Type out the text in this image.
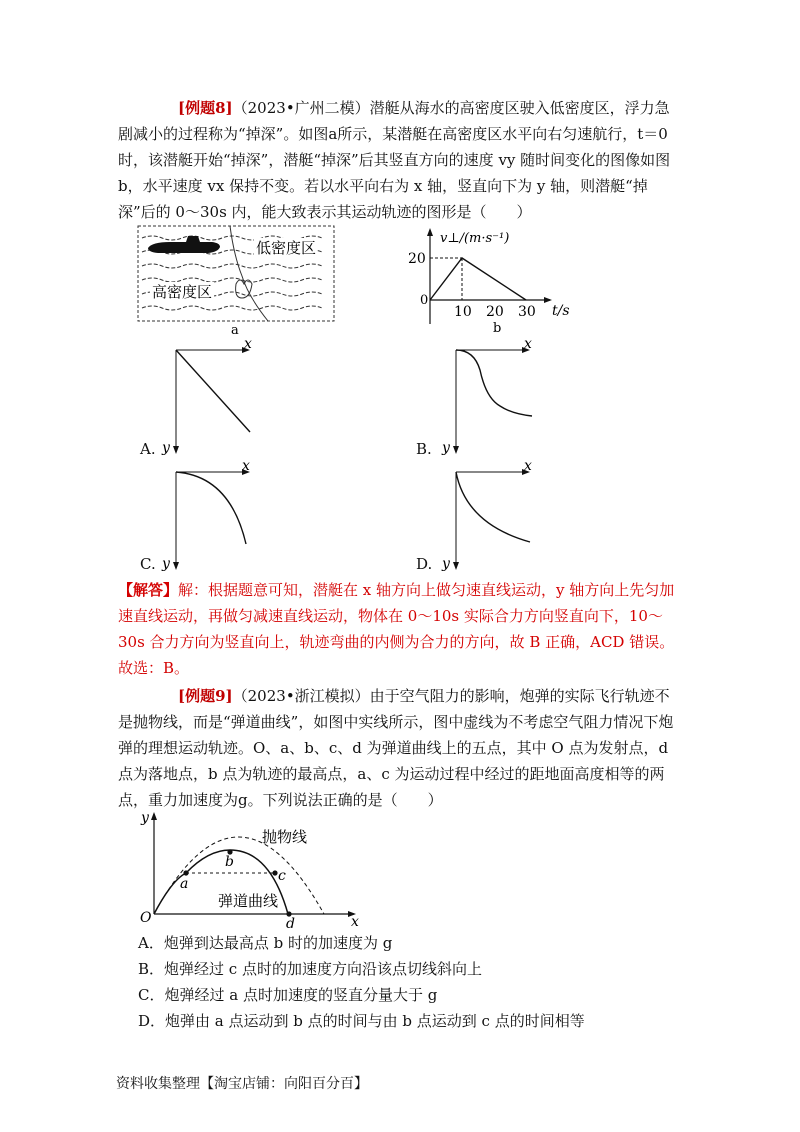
[例题8]（2023•广州二模）潜艇从海水的高密度区驶入低密度区，浮力急剧减小的过程称为“掉深”。如图a所示，某潜艇在高密度区水平向右匀速航行，t＝0时，该潜艇开始“掉深”，潜艇“掉深”后其竖直方向的速度 vy 随时间变化的图像如图b，水平速度 vx 保持不变。若以水平向右为 x 轴，竖直向下为 y 轴，则潜艇“掉深”后的 0～30s 内，能大致表示其运动轨迹的图形是（　　）
低密度区
高密度区
a
v⊥/(m·s⁻¹)
t/s
0
10 20 30
20
b
A.
x
y	B.
x
y
C.
x
y	D.
x
y
【解答】解：根据题意可知，潜艇在 x 轴方向上做匀速直线运动，y 轴方向上先匀加速直线运动，再做匀减速直线运动，物体在 0～10s 实际合力方向竖直向下，10～30s 合力方向为竖直向上，轨迹弯曲的内侧为合力的方向，故 B 正确，ACD 错误。
故选：B。
[例题9]（2023•浙江模拟）由于空气阻力的影响，炮弹的实际飞行轨迹不是抛物线，而是“弹道曲线”，如图中实线所示，图中虚线为不考虑空气阻力情况下炮弹的理想运动轨迹。O、a、b、c、d 为弹道曲线上的五点，其中 O 点为发射点，d 点为落地点，b 点为轨迹的最高点，a、c 为运动过程中经过的距地面高度相等的两点，重力加速度为g。下列说法正确的是（　　）
y
x
O
a
b
c
d
抛物线
弹道曲线
A．炮弹到达最高点 b 时的加速度为 g
B．炮弹经过 c 点时的加速度方向沿该点切线斜向上
C．炮弹经过 a 点时加速度的竖直分量大于 g
D．炮弹由 a 点运动到 b 点的时间与由 b 点运动到 c 点的时间相等
资料收集整理【淘宝店铺：向阳百分百】
